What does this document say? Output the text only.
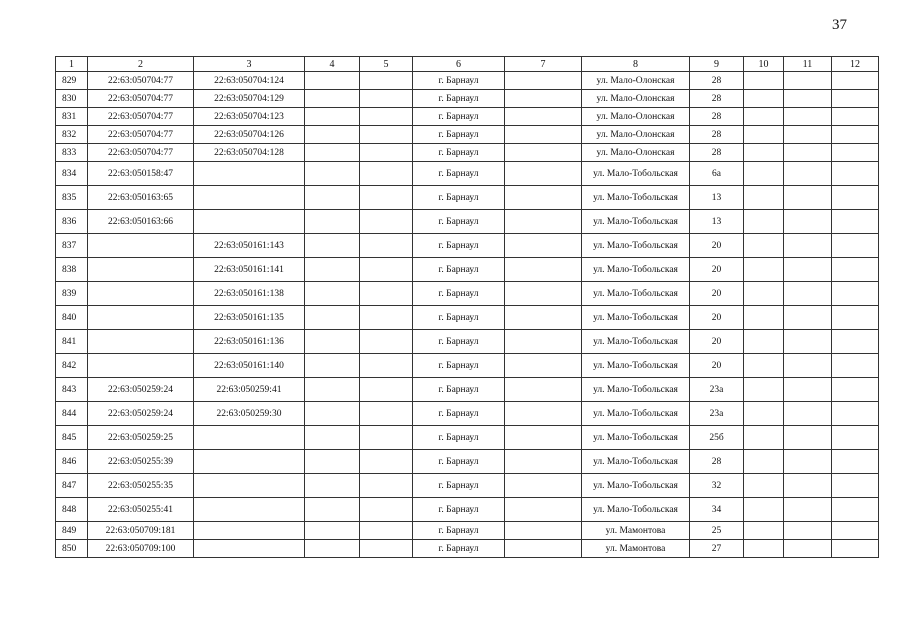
37
1	2	3	4	5	6	7	8	9	10	11	12
829	22:63:050704:77	22:63:050704:124			г. Барнаул		ул. Мало-Олонская	28			
830	22:63:050704:77	22:63:050704:129			г. Барнаул		ул. Мало-Олонская	28			
831	22:63:050704:77	22:63:050704:123			г. Барнаул		ул. Мало-Олонская	28			
832	22:63:050704:77	22:63:050704:126			г. Барнаул		ул. Мало-Олонская	28			
833	22:63:050704:77	22:63:050704:128			г. Барнаул		ул. Мало-Олонская	28			
834	22:63:050158:47				г. Барнаул		ул. Мало-Тобольская	6а			
835	22:63:050163:65				г. Барнаул		ул. Мало-Тобольская	13			
836	22:63:050163:66				г. Барнаул		ул. Мало-Тобольская	13			
837		22:63:050161:143			г. Барнаул		ул. Мало-Тобольская	20			
838		22:63:050161:141			г. Барнаул		ул. Мало-Тобольская	20			
839		22:63:050161:138			г. Барнаул		ул. Мало-Тобольская	20			
840		22:63:050161:135			г. Барнаул		ул. Мало-Тобольская	20			
841		22:63:050161:136			г. Барнаул		ул. Мало-Тобольская	20			
842		22:63:050161:140			г. Барнаул		ул. Мало-Тобольская	20			
843	22:63:050259:24	22:63:050259:41			г. Барнаул		ул. Мало-Тобольская	23а			
844	22:63:050259:24	22:63:050259:30			г. Барнаул		ул. Мало-Тобольская	23а			
845	22:63:050259:25				г. Барнаул		ул. Мало-Тобольская	25б			
846	22:63:050255:39				г. Барнаул		ул. Мало-Тобольская	28			
847	22:63:050255:35				г. Барнаул		ул. Мало-Тобольская	32			
848	22:63:050255:41				г. Барнаул		ул. Мало-Тобольская	34			
849	22:63:050709:181				г. Барнаул		ул. Мамонтова	25			
850	22:63:050709:100				г. Барнаул		ул. Мамонтова	27			
